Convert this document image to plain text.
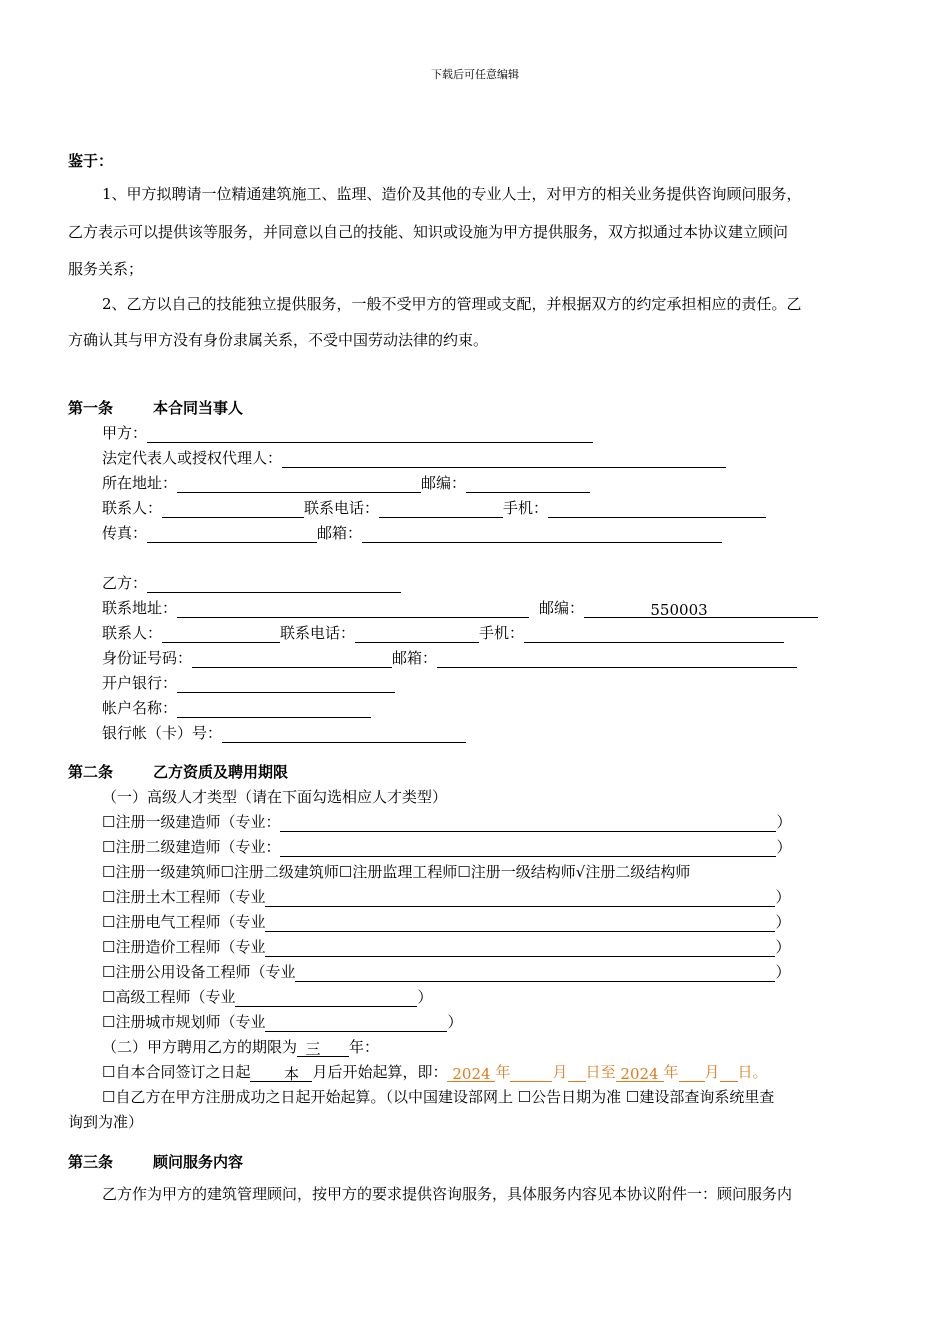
下载后可任意编辑
鉴于：
1、甲方拟聘请一位精通建筑施工、监理、造价及其他的专业人士，对甲方的相关业务提供咨询顾问服务，
乙方表示可以提供该等服务，并同意以自己的技能、知识或设施为甲方提供服务，双方拟通过本协议建立顾问
服务关系；
2、乙方以自己的技能独立提供服务，一般不受甲方的管理或支配，并根据双方的约定承担相应的责任。乙
方确认其与甲方没有身份隶属关系，不受中国劳动法律的约束。
第一条	本合同当事人
甲方：
法定代表人或授权代理人：
所在地址：	邮编：
联系人：	联系电话：	手机：
传真：	邮箱：
乙方：
联系地址：	邮编：	550003
联系人：	联系电话：	手机：
身份证号码：	邮箱：
开户银行：
帐户名称：
银行帐（卡）号：
第二条	乙方资质及聘用期限
（一）高级人才类型（请在下面勾选相应人才类型）
☐注册一级建造师（专业：	）
☐注册二级建造师（专业：	）
☐注册一级建筑师☐注册二级建筑师☐注册监理工程师☐注册一级结构师√注册二级结构师
☐注册土木工程师（专业	）
☐注册电气工程师（专业	）
☐注册造价工程师（专业	）
☐注册公用设备工程师（专业	）
☐高级工程师（专业	）
☐注册城市规划师（专业	）
（二）甲方聘用乙方的期限为 三 年：
☐自本合同签订之日起 本 月后开始起算，即： 2024 年	月 日至 2024 年 月 日。
☐自乙方在甲方注册成功之日起开始起算。（以中国建设部网上 ☐公告日期为准 ☐建设部查询系统里查
询到为准）
第三条	顾问服务内容
乙方作为甲方的建筑管理顾问，按甲方的要求提供咨询服务，具体服务内容见本协议附件一：顾问服务内
